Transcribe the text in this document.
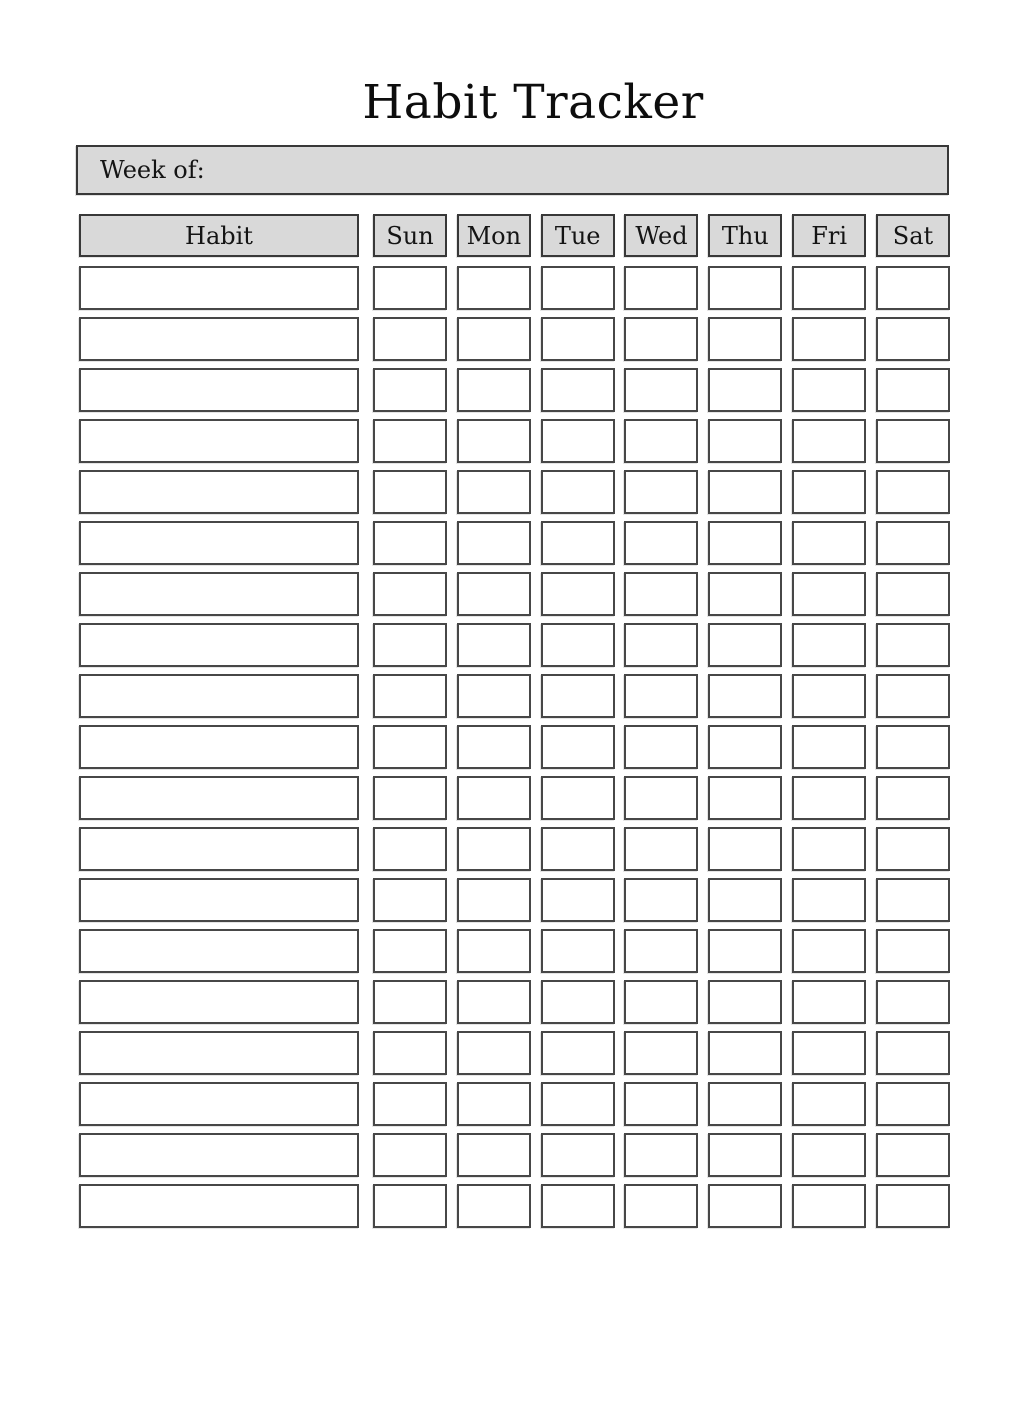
Habit Tracker
Week of:
Habit	Sun	Mon	Tue	Wed	Thu	Fri	Sat
